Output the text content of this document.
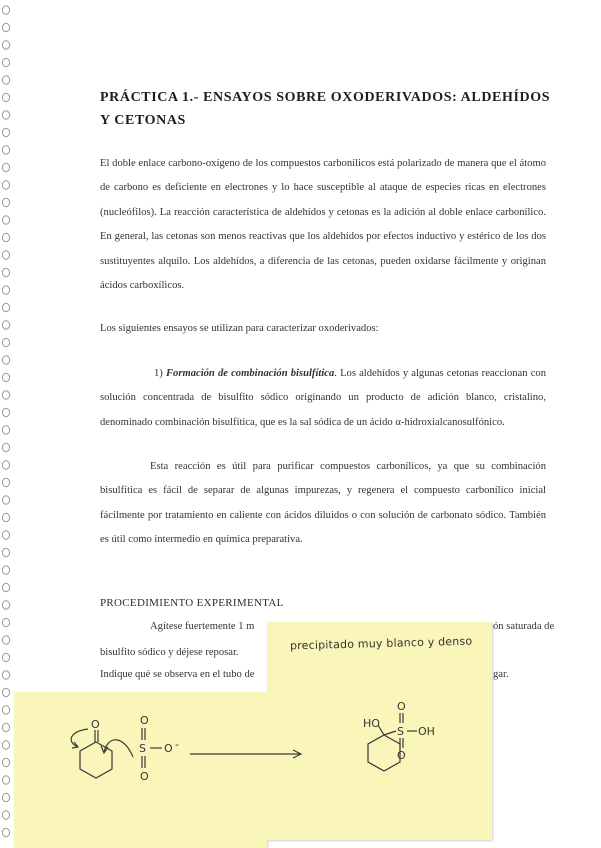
PRÁCTICA 1.- ENSAYOS SOBRE OXODERIVADOS: ALDEHÍDOS Y CETONAS
El doble enlace carbono-oxígeno de los compuestos carbonílicos está polarizado de manera que el átomo de carbono es deficiente en electrones y lo hace susceptible al ataque de especies ricas en electrones (nucleófilos). La reacción característica de aldehídos y cetonas es la adición al doble enlace carbonílico. En general, las cetonas son menos reactivas que los aldehídos por efectos inductivo y estérico de los dos sustituyentes alquilo. Los aldehídos, a diferencia de las cetonas, pueden oxidarse fácilmente y originan ácidos carboxílicos.
Los siguientes ensayos se utilizan para caracterizar oxoderivados:
1) Formación de combinación bisulfítica. Los aldehídos y algunas cetonas reaccionan con solución concentrada de bisulfito sódico originando un producto de adición blanco, cristalino, denominado combinación bisulfítica, que es la sal sódica de un ácido α-hidroxialcanosulfónico.
Esta reacción es útil para purificar compuestos carbonílicos, ya que su combinación bisulfítica es fácil de separar de algunas impurezas, y regenera el compuesto carbonílico inicial fácilmente por tratamiento en caliente con ácidos diluidos o con solución de carbonato sódico. También es útil como intermedio en química preparativa.
PROCEDIMIENTO EXPERIMENTAL
Agítese fuertemente 1 m	ón saturada de
bisulfito sódico y déjese reposar.
Indique qué se observa en el tubo de	gar.
precipitado muy blanco y denso
O	O
S O -
O
HO
O
S OH
O
